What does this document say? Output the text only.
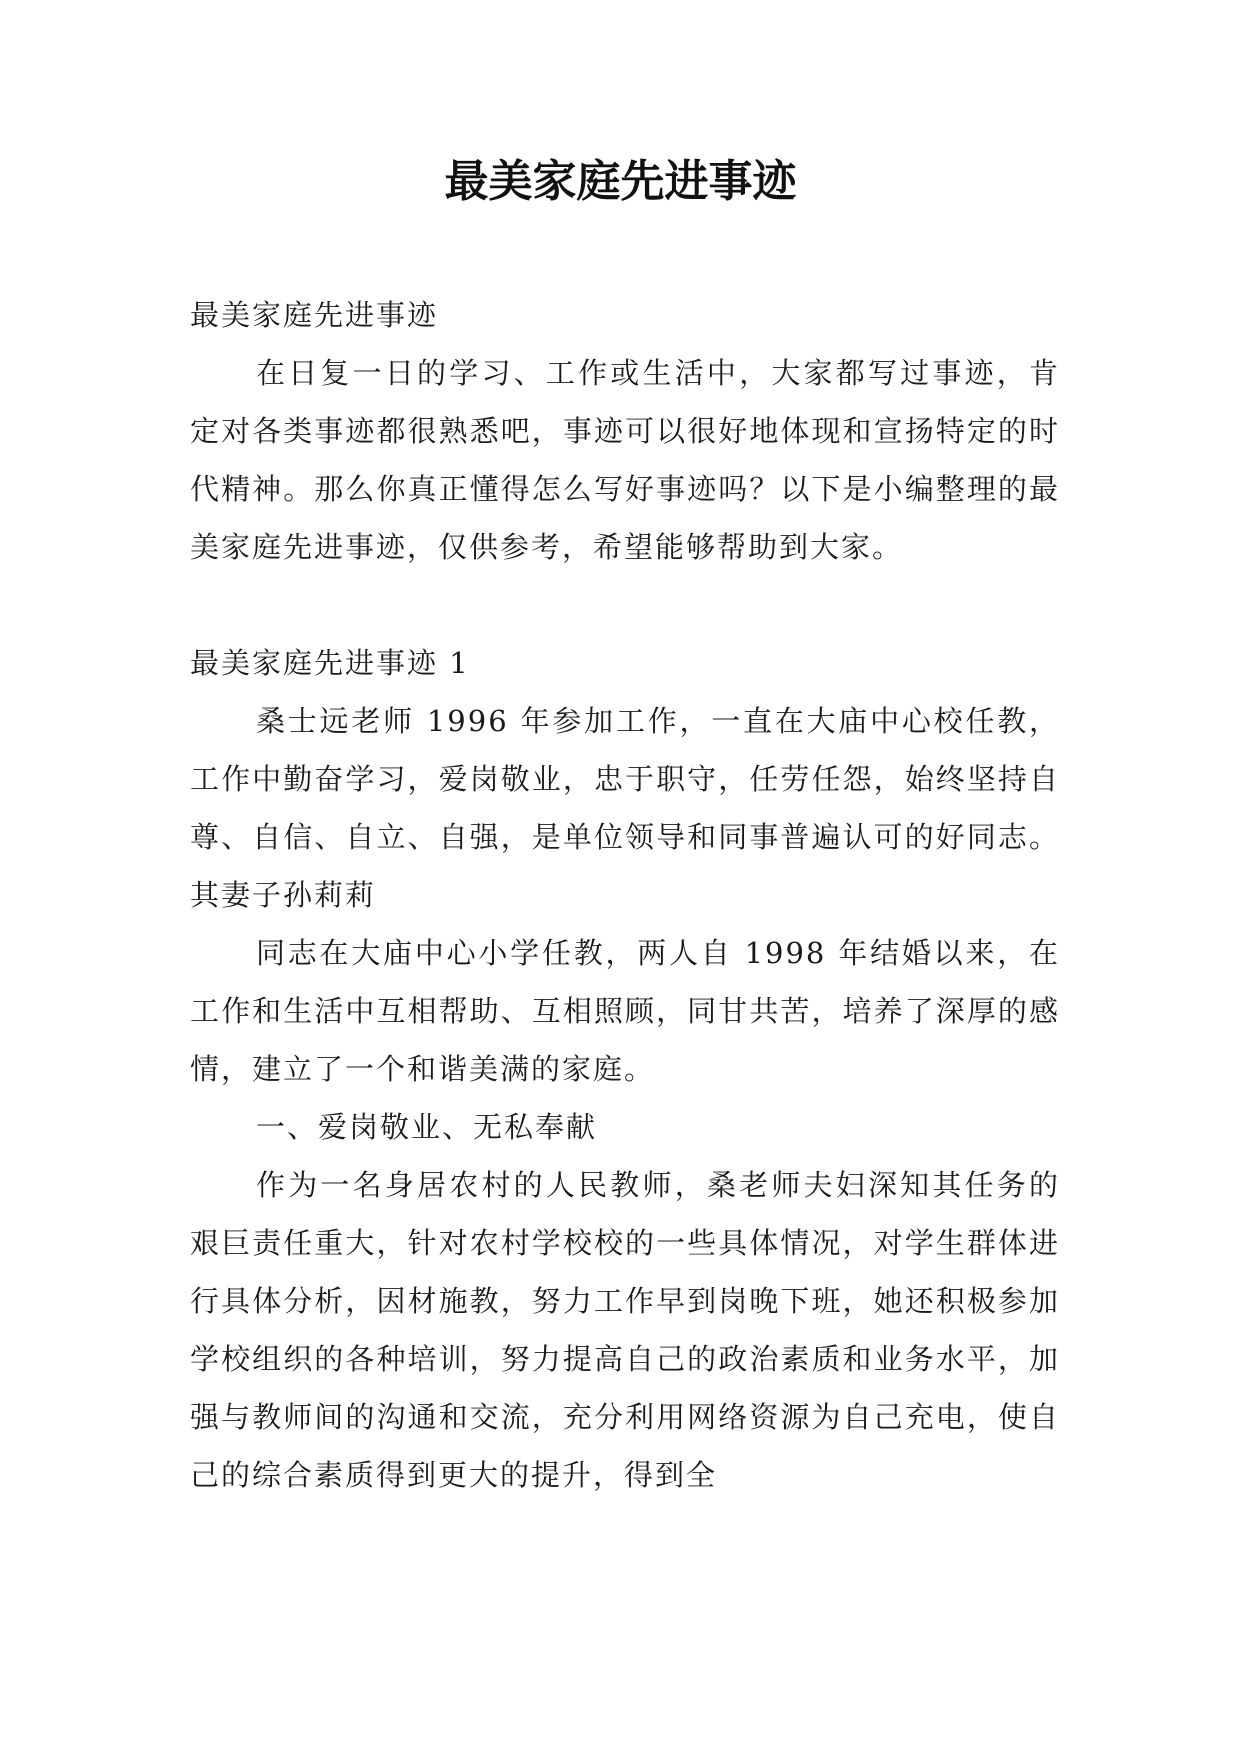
最美家庭先进事迹

最美家庭先进事迹

在日复一日的学习、工作或生活中，大家都写过事迹，肯定对各类事迹都很熟悉吧，事迹可以很好地体现和宣扬特定的时代精神。那么你真正懂得怎么写好事迹吗？以下是小编整理的最美家庭先进事迹，仅供参考，希望能够帮助到大家。

最美家庭先进事迹 1

桑士远老师 1996 年参加工作，一直在大庙中心校任教，工作中勤奋学习，爱岗敬业，忠于职守，任劳任怨，始终坚持自尊、自信、自立、自强，是单位领导和同事普遍认可的好同志。其妻子孙莉莉

同志在大庙中心小学任教，两人自 1998 年结婚以来，在工作和生活中互相帮助、互相照顾，同甘共苦，培养了深厚的感情，建立了一个和谐美满的家庭。

一、爱岗敬业、无私奉献

作为一名身居农村的人民教师，桑老师夫妇深知其任务的艰巨责任重大，针对农村学校校的一些具体情况，对学生群体进行具体分析，因材施教，努力工作早到岗晚下班，她还积极参加学校组织的各种培训，努力提高自己的政治素质和业务水平，加强与教师间的沟通和交流，充分利用网络资源为自己充电，使自己的综合素质得到更大的提升，得到全
